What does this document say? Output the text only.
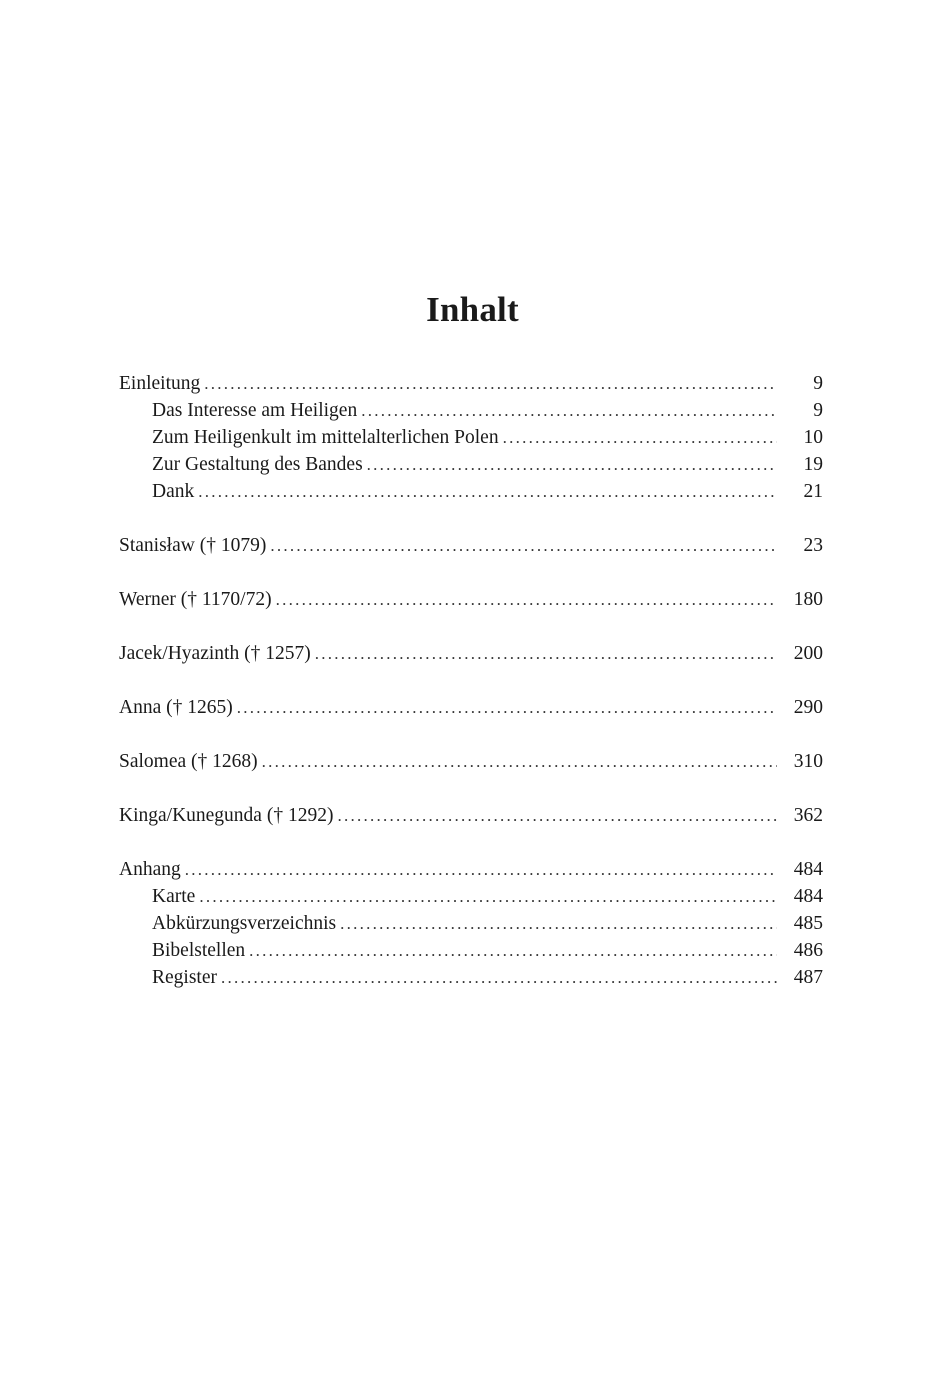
Inhalt
Einleitung . . .	9
Das Interesse am Heiligen . . .	9
Zum Heiligenkult im mittelalterlichen Polen . . .	10
Zur Gestaltung des Bandes . . .	19
Dank . . .	21
Stanisław († 1079) . . .	23
Werner († 1170/72) . . .	180
Jacek/Hyazinth († 1257) . . .	200
Anna († 1265) . . .	290
Salomea († 1268) . . .	310
Kinga/Kunegunda († 1292) . . .	362
Anhang . . .	484
Karte . . .	484
Abkürzungsverzeichnis . . .	485
Bibelstellen . . .	486
Register . . .	487
